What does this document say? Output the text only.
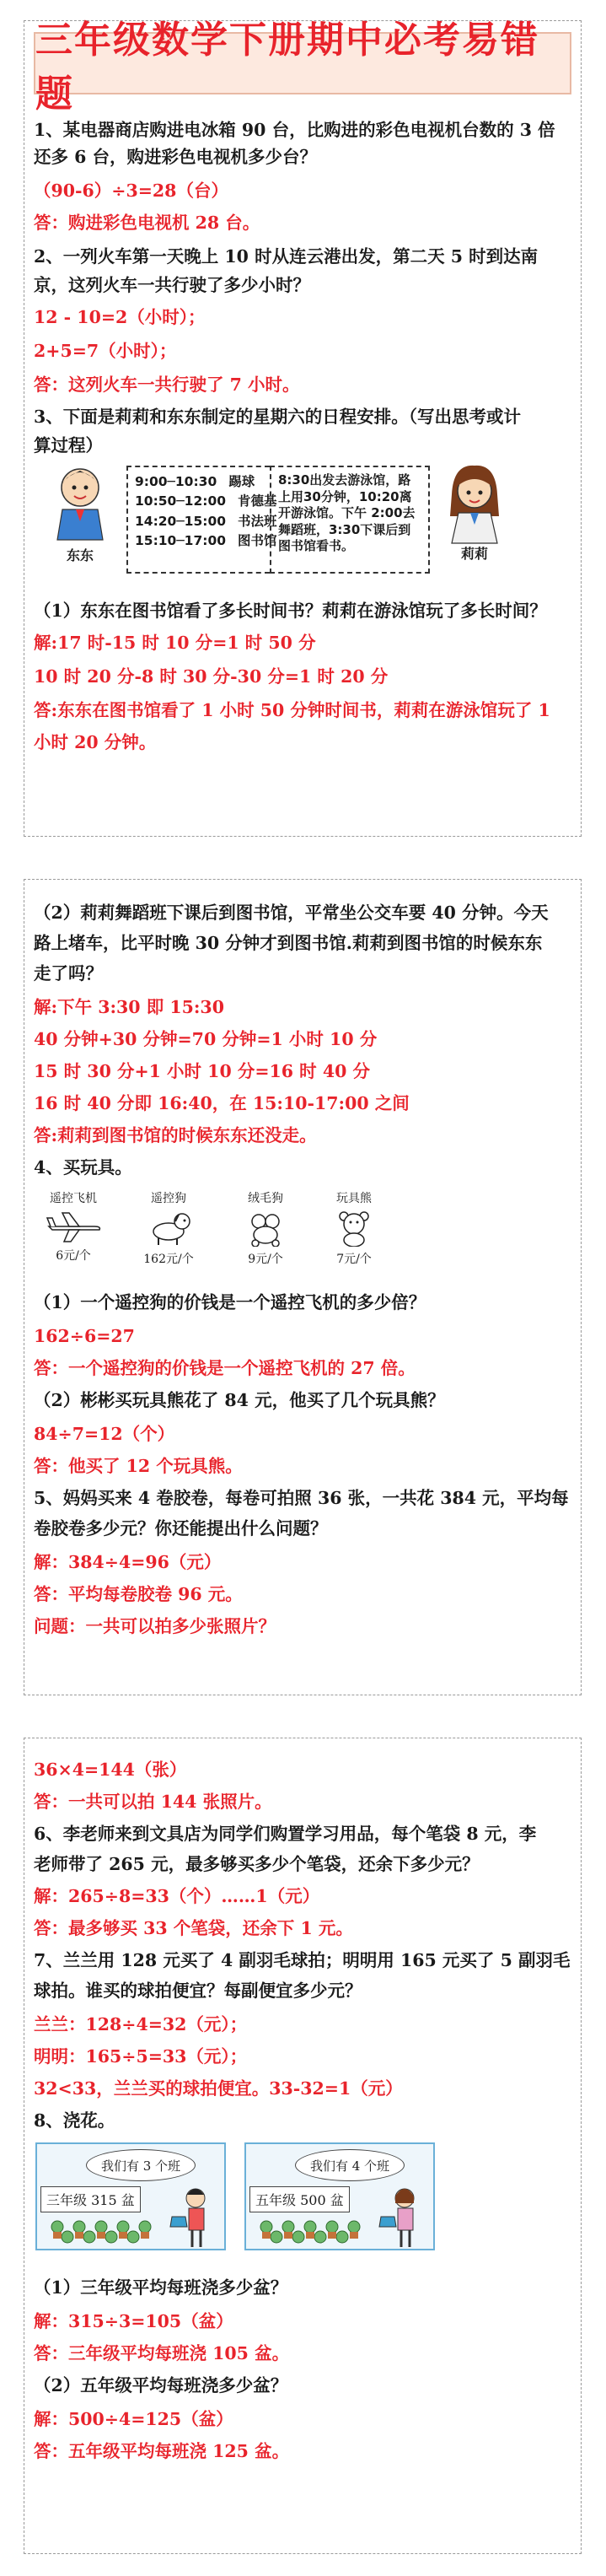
三年级数学下册期中必考易错题
1、某电器商店购进电冰箱 90 台，比购进的彩色电视机台数的 3 倍
还多 6 台，购进彩色电视机多少台？
（90-6）÷3=28（台）
答：购进彩色电视机 28 台。
2、一列火车第一天晚上 10 时从连云港出发，第二天 5 时到达南
京，这列火车一共行驶了多少小时？
12 - 10=2（小时）；
2+5=7（小时）；
答：这列火车一共行驶了 7 小时。
3、下面是莉莉和东东制定的星期六的日程安排。（写出思考或计
算过程）
东东
9:00─10:30 踢球
10:50─12:00 肯德基
14:20─15:00 书法班
15:10─17:00 图书馆
8:30出发去游泳馆，路
上用30分钟，10:20离
开游泳馆。下午 2:00去
舞蹈班，3:30下课后到
图书馆看书。	莉莉
（1）东东在图书馆看了多长时间书？莉莉在游泳馆玩了多长时间？
解:17 时-15 时 10 分=1 时 50 分
10 时 20 分-8 时 30 分-30 分=1 时 20 分
答:东东在图书馆看了 1 小时 50 分钟时间书，莉莉在游泳馆玩了 1
小时 20 分钟。
（2）莉莉舞蹈班下课后到图书馆，平常坐公交车要 40 分钟。今天
路上堵车，比平时晚 30 分钟才到图书馆.莉莉到图书馆的时候东东
走了吗？
解:下午 3:30 即 15:30
40 分钟+30 分钟=70 分钟=1 小时 10 分
15 时 30 分+1 小时 10 分=16 时 40 分
16 时 40 分即 16:40，在 15:10-17:00 之间
答:莉莉到图书馆的时候东东还没走。
4、买玩具。
遥控飞机
6元/个
遥控狗
162元/个
绒毛狗
9元/个
玩具熊
7元/个
（1）一个遥控狗的价钱是一个遥控飞机的多少倍？
162÷6=27
答：一个遥控狗的价钱是一个遥控飞机的 27 倍。
（2）彬彬买玩具熊花了 84 元，他买了几个玩具熊？
84÷7=12（个）
答：他买了 12 个玩具熊。
5、妈妈买来 4 卷胶卷，每卷可拍照 36 张，一共花 384 元，平均每
卷胶卷多少元？你还能提出什么问题？
解：384÷4=96（元）
答：平均每卷胶卷 96 元。
问题：一共可以拍多少张照片？
36×4=144（张）
答：一共可以拍 144 张照片。
6、李老师来到文具店为同学们购置学习用品，每个笔袋 8 元，李
老师带了 265 元，最多够买多少个笔袋，还余下多少元？
解：265÷8=33（个）……1（元）
答：最多够买 33 个笔袋，还余下 1 元。
7、兰兰用 128 元买了 4 副羽毛球拍；明明用 165 元买了 5 副羽毛
球拍。谁买的球拍便宜？每副便宜多少元？
兰兰：128÷4=32（元）；
明明：165÷5=33（元）；
32<33，兰兰买的球拍便宜。33-32=1（元）
8、浇花。
我们有 3 个班
三年级 315 盆
我们有 4 个班
五年级 500 盆
（1）三年级平均每班浇多少盆？
解：315÷3=105（盆）
答：三年级平均每班浇 105 盆。
（2）五年级平均每班浇多少盆？
解：500÷4=125（盆）
答：五年级平均每班浇 125 盆。
